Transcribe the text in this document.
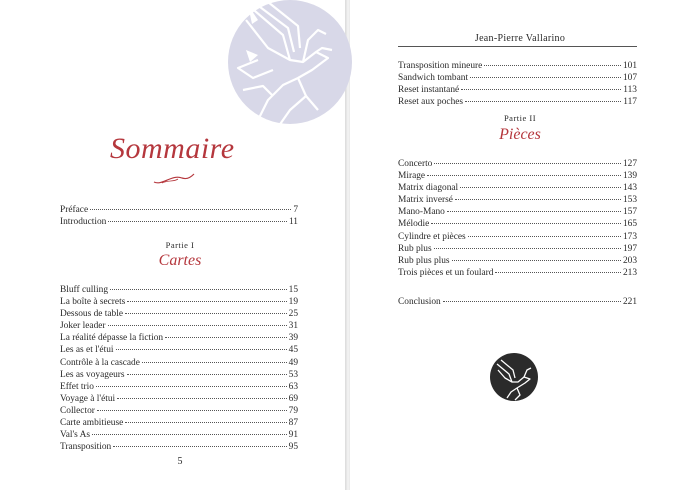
Sommaire
Préface	7
Introduction	11
Partie I
Cartes
Bluff culling	15
La boîte à secrets	19
Dessous de table	25
Joker leader	31
La réalité dépasse la fiction	39
Les as et l'étui	45
Contrôle à la cascade	49
Les as voyageurs	53
Effet trio	63
Voyage à l'étui	69
Collector	79
Carte ambitieuse	87
Val's As	91
Transposition	95
5
Jean-Pierre Vallarino
Transposition mineure	101
Sandwich tombant	107
Reset instantané	113
Reset aux poches	117
Partie II
Pièces
Concerto	127
Mirage	139
Matrix diagonal	143
Matrix inversé	153
Mano-Mano	157
Mélodie	165
Cylindre et pièces	173
Rub plus	197
Rub plus plus	203
Trois pièces et un foulard	213
Conclusion	221
